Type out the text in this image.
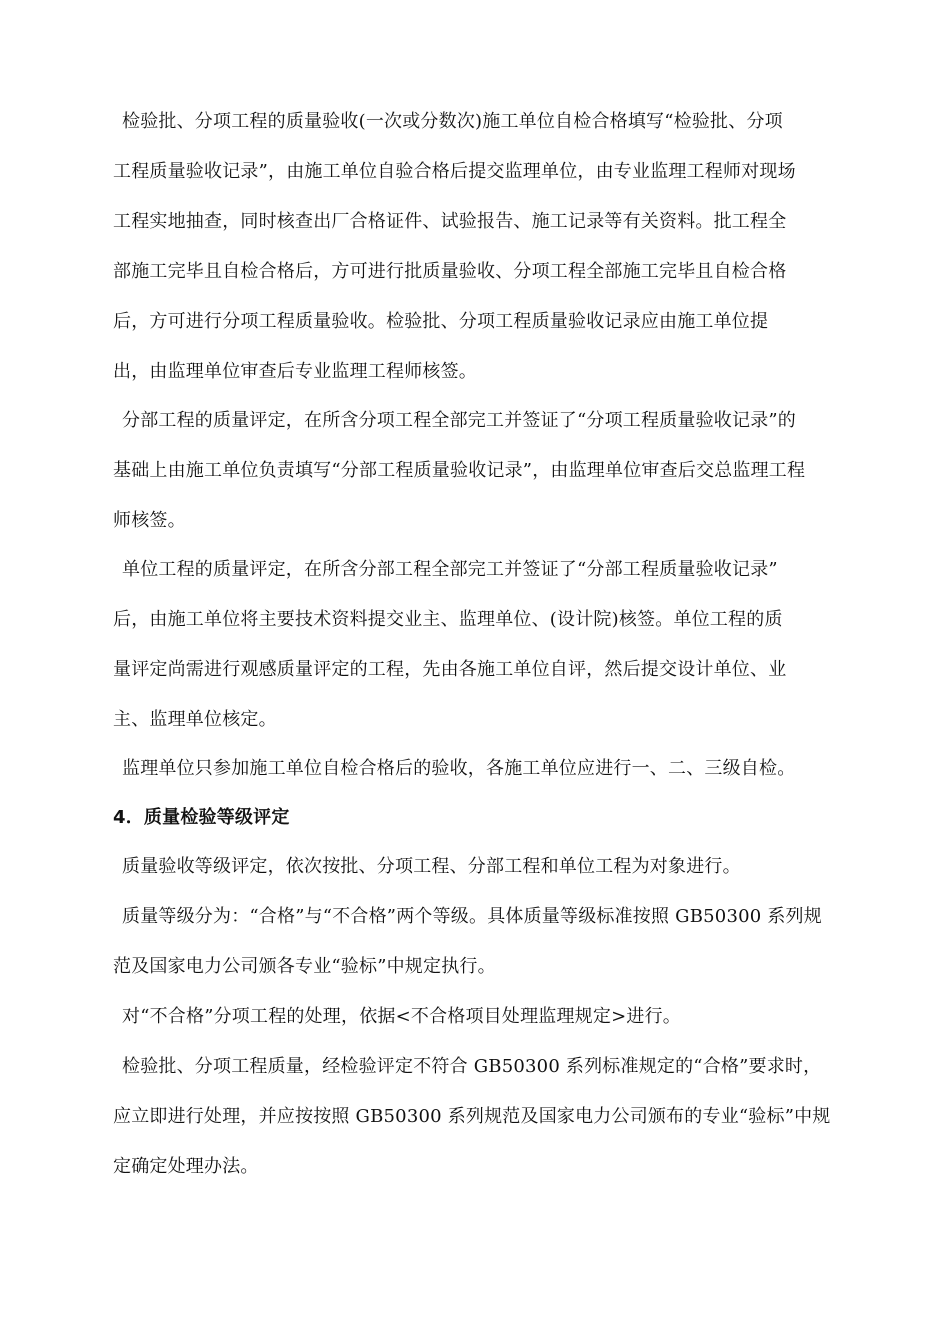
检验批、分项工程的质量验收(一次或分数次)施工单位自检合格填写“检验批、分项
工程质量验收记录”，由施工单位自验合格后提交监理单位，由专业监理工程师对现场
工程实地抽查，同时核查出厂合格证件、试验报告、施工记录等有关资料。批工程全
部施工完毕且自检合格后，方可进行批质量验收、分项工程全部施工完毕且自检合格
后，方可进行分项工程质量验收。检验批、分项工程质量验收记录应由施工单位提
出，由监理单位审查后专业监理工程师核签。
分部工程的质量评定，在所含分项工程全部完工并签证了“分项工程质量验收记录”的
基础上由施工单位负责填写“分部工程质量验收记录”，由监理单位审查后交总监理工程
师核签。
单位工程的质量评定，在所含分部工程全部完工并签证了“分部工程质量验收记录”
后，由施工单位将主要技术资料提交业主、监理单位、(设计院)核签。单位工程的质
量评定尚需进行观感质量评定的工程，先由各施工单位自评，然后提交设计单位、业
主、监理单位核定。
监理单位只参加施工单位自检合格后的验收，各施工单位应进行一、二、三级自检。
4．质量检验等级评定
质量验收等级评定，依次按批、分项工程、分部工程和单位工程为对象进行。
质量等级分为：“合格”与“不合格”两个等级。具体质量等级标准按照 GB50300 系列规
范及国家电力公司颁各专业“验标”中规定执行。
对“不合格”分项工程的处理，依据<不合格项目处理监理规定>进行。
检验批、分项工程质量，经检验评定不符合 GB50300 系列标准规定的“合格”要求时，
应立即进行处理，并应按按照 GB50300 系列规范及国家电力公司颁布的专业“验标”中规
定确定处理办法。
